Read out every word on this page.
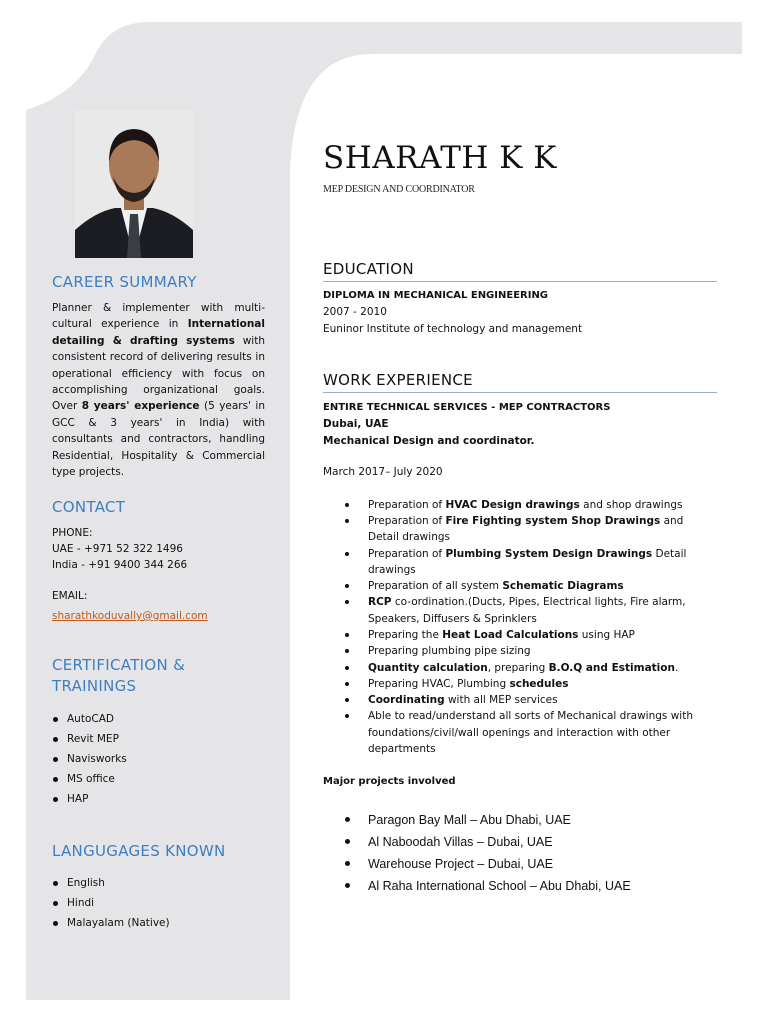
CAREER SUMMARY

Planner & implementer with multi-cultural experience in International detailing & drafting systems with consistent record of delivering results in operational efficiency with focus on accomplishing organizational goals. Over 8 years' experience (5 years' in GCC & 3 years' in India) with consultants and contractors, handling Residential, Hospitality & Commercial type projects.

CONTACT

PHONE:

UAE - +971 52 322 1496

India - +91 9400 344 266

EMAIL:

sharathkoduvally@gmail.com
CERTIFICATION &
TRAININGS
AutoCAD
Revit MEP
Navisworks
MS office
HAP
LANGUGAGES KNOWN
English
Hindi
Malayalam (Native)
SHARATH K K

MEP DESIGN AND COORDINATOR

EDUCATION

DIPLOMA IN MECHANICAL ENGINEERING

2007 - 2010

Euninor Institute of technology and management

WORK EXPERIENCE

ENTIRE TECHNICAL SERVICES - MEP CONTRACTORS

Dubai, UAE

Mechanical Design and coordinator.

March 2017– July 2020

Preparation of HVAC Design drawings and shop drawings
Preparation of Fire Fighting system Shop Drawings and Detail drawings
Preparation of Plumbing System Design Drawings Detail drawings
Preparation of all system Schematic Diagrams
RCP co-ordination.(Ducts, Pipes, Electrical lights, Fire alarm, Speakers, Diffusers & Sprinklers
Preparing the Heat Load Calculations using HAP
Preparing plumbing pipe sizing
Quantity calculation, preparing B.O.Q and Estimation.
Preparing HVAC, Plumbing schedules
Coordinating with all MEP services
Able to read/understand all sorts of Mechanical drawings with foundations/civil/wall openings and interaction with other departments

Major projects involved

Paragon Bay Mall – Abu Dhabi, UAE
Al Naboodah Villas – Dubai, UAE
Warehouse Project – Dubai, UAE
Al Raha International School – Abu Dhabi, UAE
